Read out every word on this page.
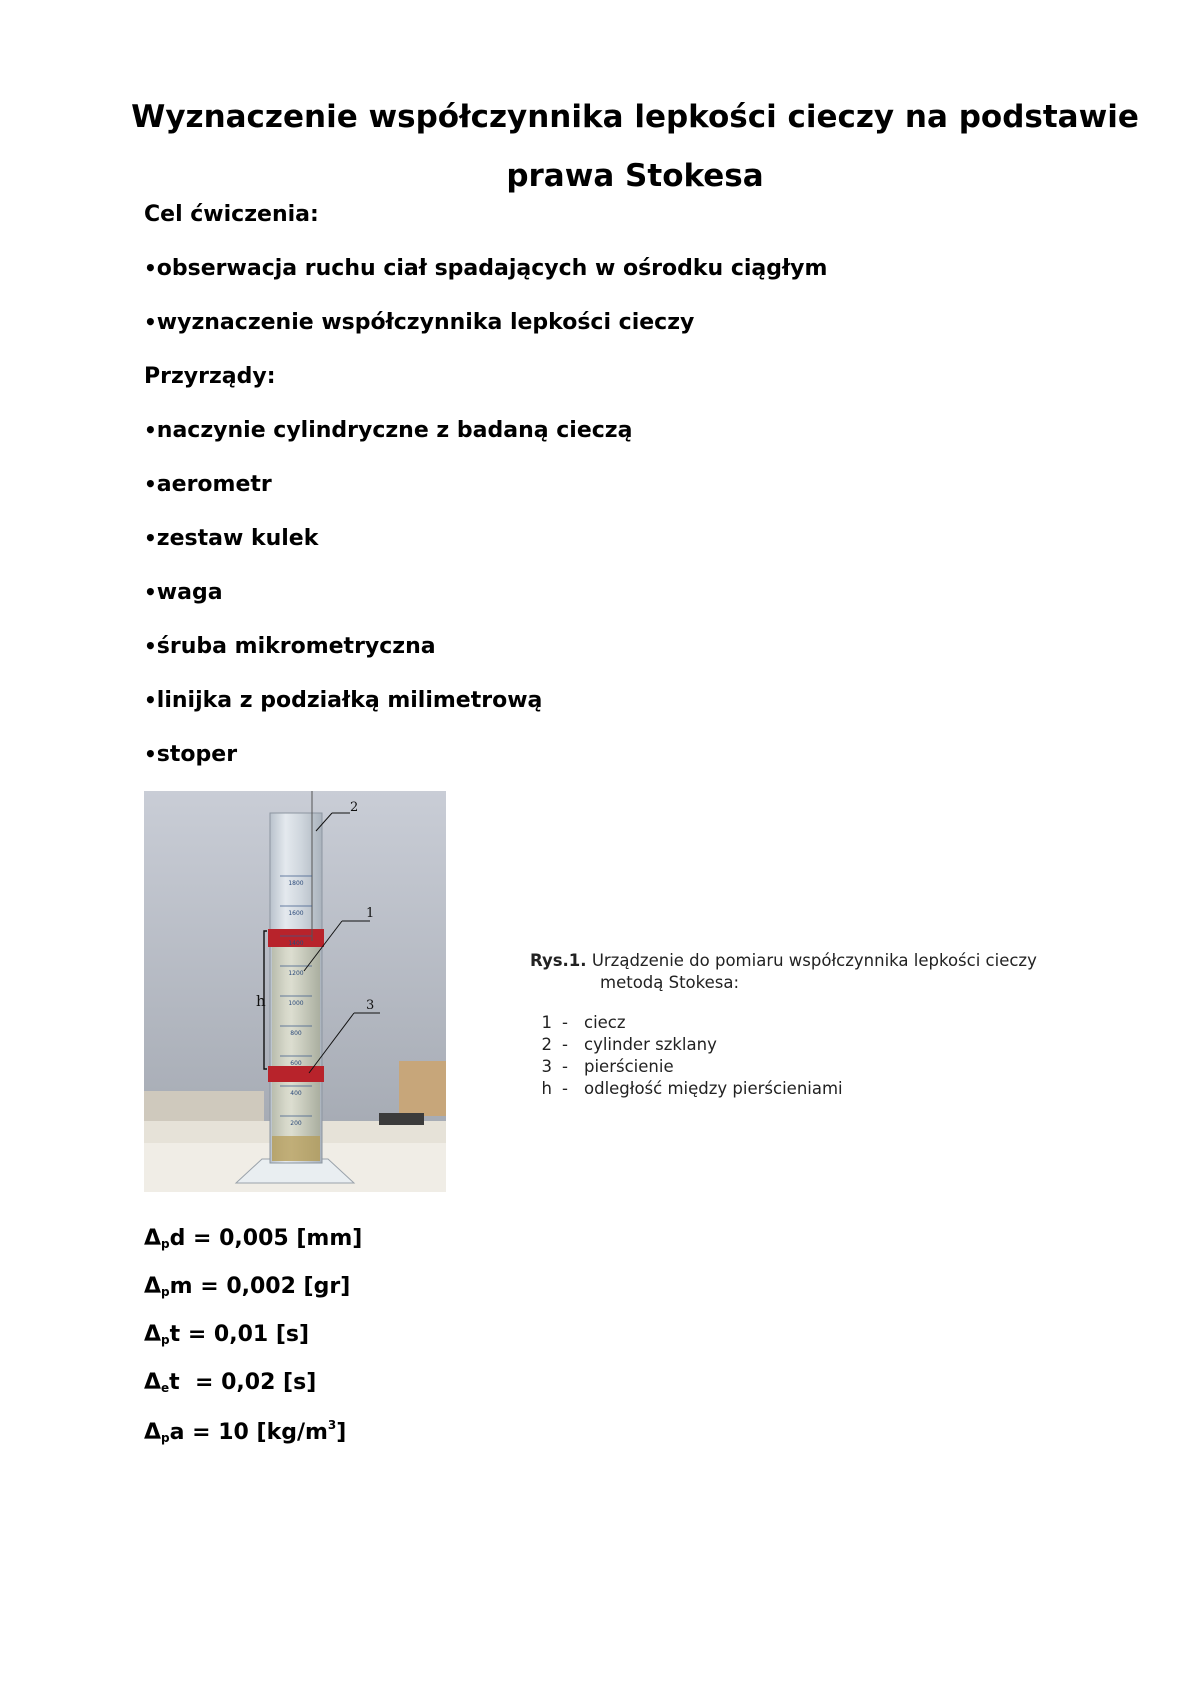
Wyznaczenie współczynnika lepkości cieczy na podstawie prawa Stokesa
Cel ćwiczenia:
•obserwacja ruchu ciał spadających w ośrodku ciągłym
•wyznaczenie współczynnika lepkości cieczy
Przyrządy:
•naczynie cylindryczne z badaną cieczą
•aerometr
•zestaw kulek
•waga
•śruba mikrometryczna
•linijka z podziałką milimetrową
•stoper
1800
1600
1400
1200
1000
800
600
400
200
h
2
1
3
Rys.1. Urządzenie do pomiaru współczynnika lepkości cieczy
metodą Stokesa:
1 - ciecz
2 - cylinder szklany
3 - pierścienie
h - odległość między pierścieniami
$\Delta_pd = 0,005$ [mm]
$\Delta_pm = 0,002$ [gr]
$\Delta_pt = 0,01$ [s]
$\Delta_et = 0,02$ [s]
$\Delta_pa = 10$ $[kg/m^3]$
